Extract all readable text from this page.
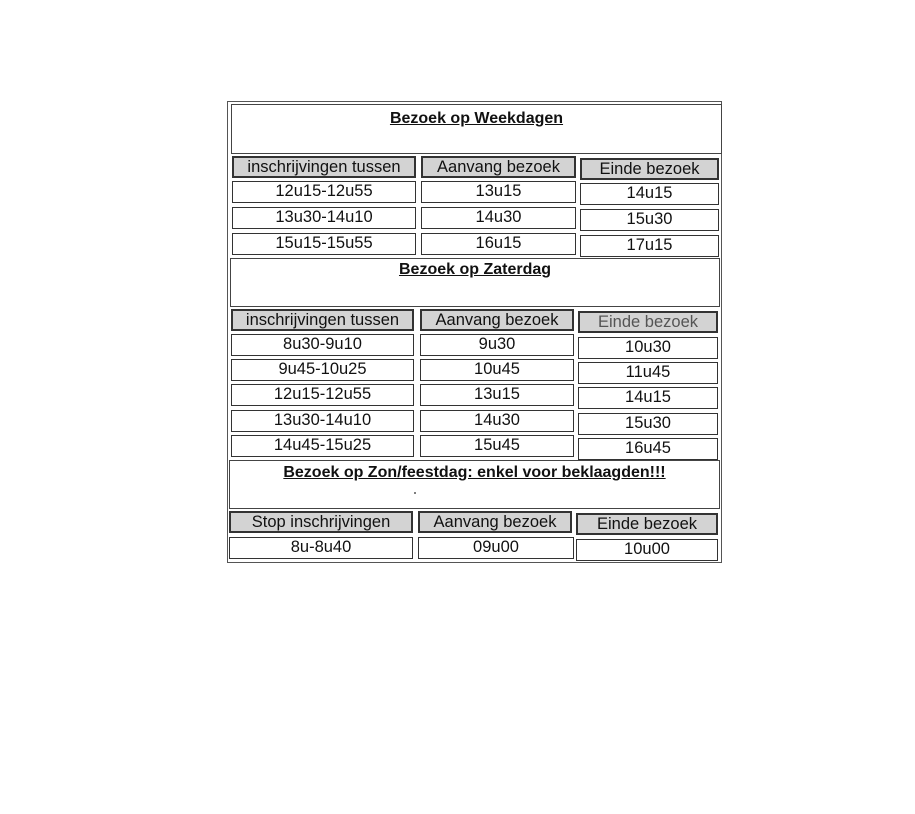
Bezoek op Weekdagen
inschrijvingen tussen	Aanvang bezoek	Einde bezoek
12u15-12u55	13u15	14u15
13u30-14u10	14u30	15u30
15u15-15u55	16u15	17u15
Bezoek op Zaterdag
inschrijvingen tussen	Aanvang bezoek	Einde bezoek
8u30-9u10	9u30	10u30
9u45-10u25	10u45	11u45
12u15-12u55	13u15	14u15
13u30-14u10	14u30	15u30
14u45-15u25	15u45	16u45
Bezoek op Zon/feestdag: enkel voor beklaagden!!!
Stop inschrijvingen	Aanvang bezoek	Einde bezoek
8u-8u40	09u00	10u00
